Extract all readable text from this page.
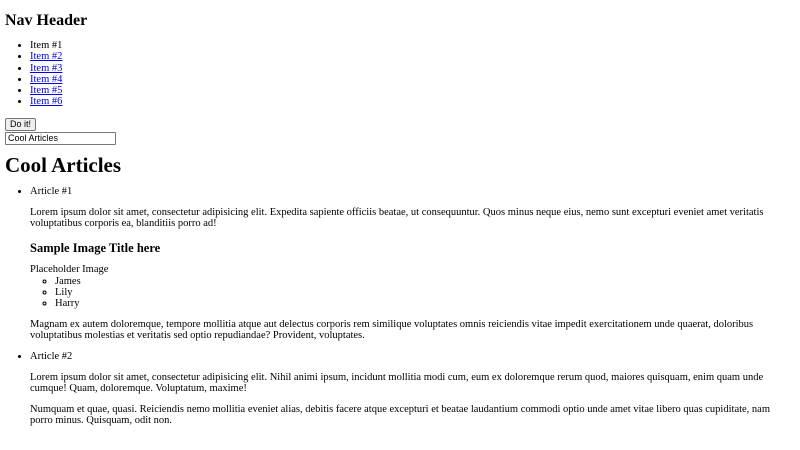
Nav Header
• Item #1
• Item #2
• Item #3
• Item #4
• Item #5
• Item #6
Do it!
Cool Articles
Cool Articles
• Article #1

Lorem ipsum dolor sit amet, consectetur adipisicing elit. Expedita sapiente officiis beatae, ut consequuntur. Quos minus neque eius, nemo sunt excepturi eveniet amet veritatis voluptatibus corporis ea, blanditiis porro ad!

Sample Image Title here
Placeholder Image
◦ James
◦ Lily
◦ Harry

Magnam ex autem doloremque, tempore mollitia atque aut delectus corporis rem similique voluptates omnis reiciendis vitae impedit exercitationem unde quaerat, doloribus voluptatibus molestias et veritatis sed optio repudiandae? Provident, voluptates.

• Article #2

Lorem ipsum dolor sit amet, consectetur adipisicing elit. Nihil animi ipsum, incidunt mollitia modi cum, eum ex doloremque rerum quod, maiores quisquam, enim quam unde cumque! Quam, doloremque. Voluptatum, maxime!

Numquam et quae, quasi. Reiciendis nemo mollitia eveniet alias, debitis facere atque excepturi et beatae laudantium commodi optio unde amet vitae libero quas cupiditate, nam porro minus. Quisquam, odit non.
